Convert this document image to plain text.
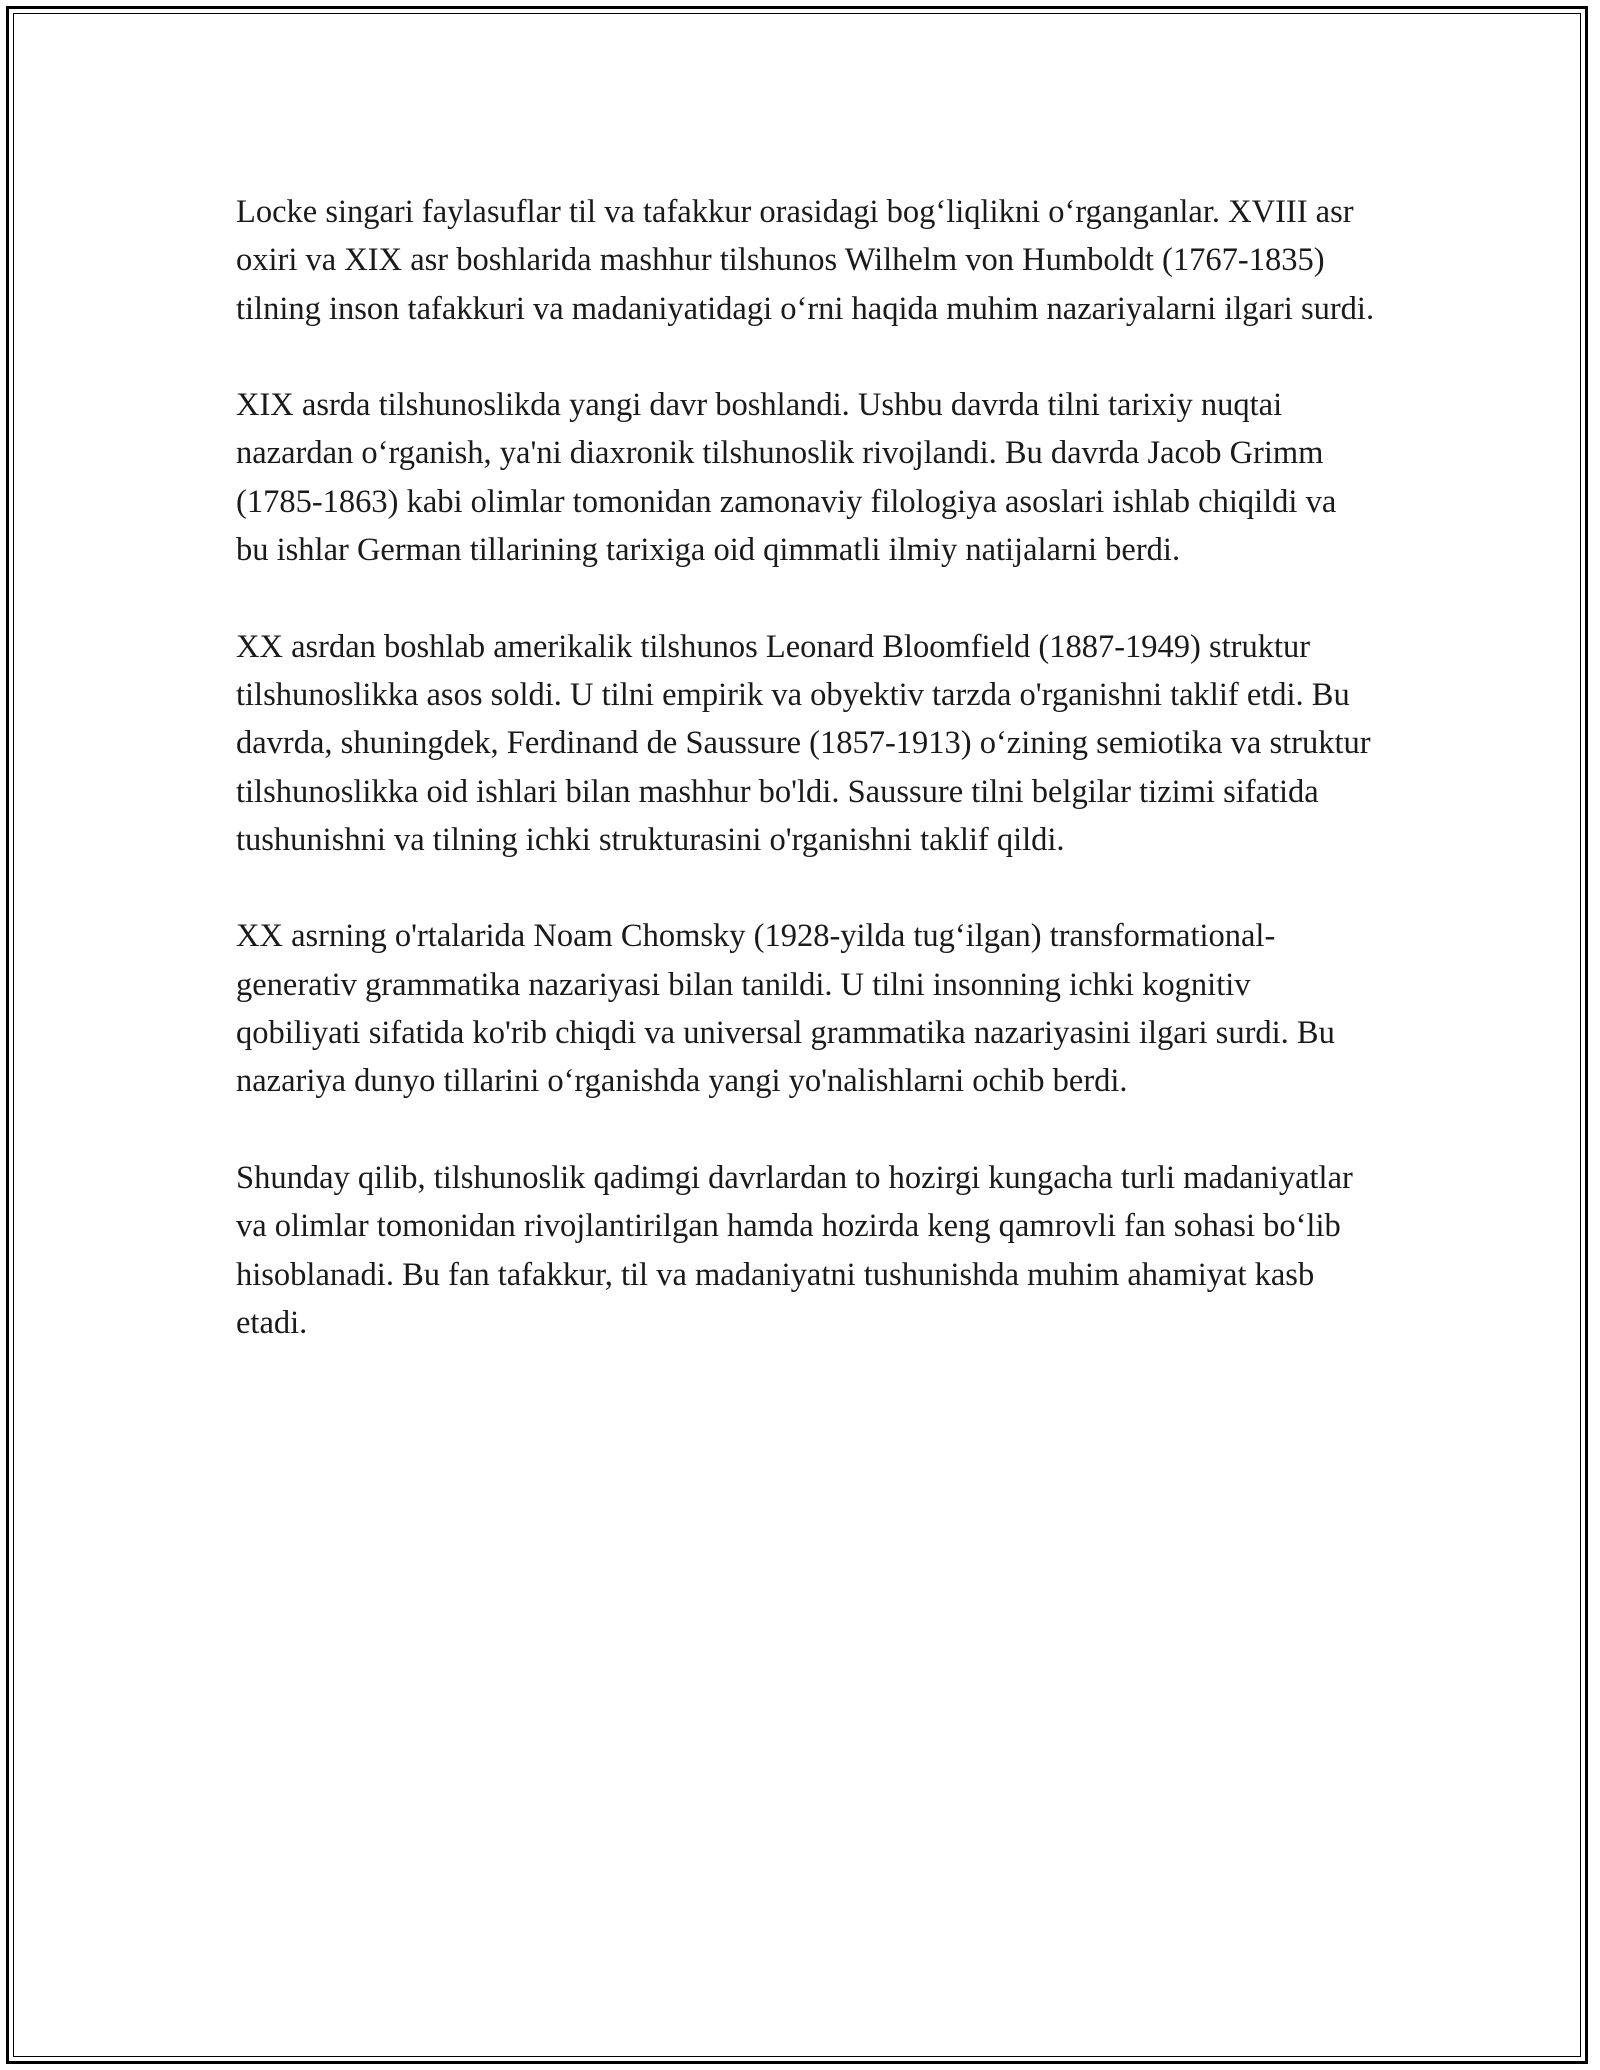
Locke singari faylasuflar til va tafakkur orasidagi bog‘liqlikni o‘rganganlar. XVIII asr oxiri va XIX asr boshlarida mashhur tilshunos Wilhelm von Humboldt (1767-1835) tilning inson tafakkuri va madaniyatidagi o‘rni haqida muhim nazariyalarni ilgari surdi.

XIX asrda tilshunoslikda yangi davr boshlandi. Ushbu davrda tilni tarixiy nuqtai nazardan o‘rganish, ya'ni diaxronik tilshunoslik rivojlandi. Bu davrda Jacob Grimm (1785-1863) kabi olimlar tomonidan zamonaviy filologiya asoslari ishlab chiqildi va bu ishlar German tillarining tarixiga oid qimmatli ilmiy natijalarni berdi.

XX asrdan boshlab amerikalik tilshunos Leonard Bloomfield (1887-1949) struktur tilshunoslikka asos soldi. U tilni empirik va obyektiv tarzda o'rganishni taklif etdi. Bu davrda, shuningdek, Ferdinand de Saussure (1857-1913) o‘zining semiotika va struktur tilshunoslikka oid ishlari bilan mashhur bo'ldi. Saussure tilni belgilar tizimi sifatida tushunishni va tilning ichki strukturasini o'rganishni taklif qildi.

XX asrning o'rtalarida Noam Chomsky (1928-yilda tug‘ilgan) transformational-generativ grammatika nazariyasi bilan tanildi. U tilni insonning ichki kognitiv qobiliyati sifatida ko'rib chiqdi va universal grammatika nazariyasini ilgari surdi. Bu nazariya dunyo tillarini o‘rganishda yangi yo'nalishlarni ochib berdi.

Shunday qilib, tilshunoslik qadimgi davrlardan to hozirgi kungacha turli madaniyatlar va olimlar tomonidan rivojlantirilgan hamda hozirda keng qamrovli fan sohasi bo‘lib hisoblanadi. Bu fan tafakkur, til va madaniyatni tushunishda muhim ahamiyat kasb etadi.
